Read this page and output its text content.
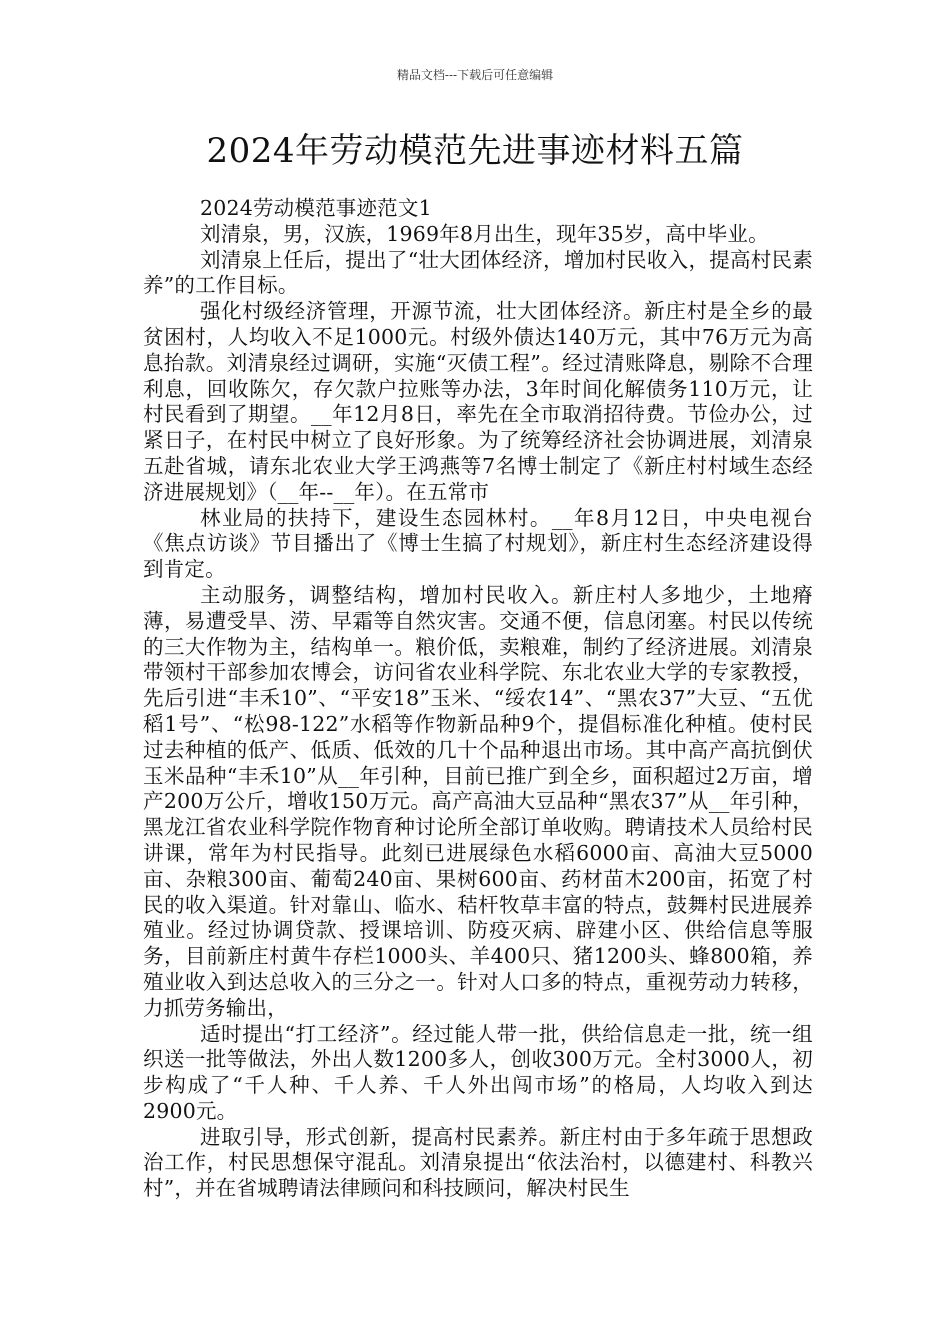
精品文档---下载后可任意编辑
2024年劳动模范先进事迹材料五篇

2024劳动模范事迹范文1

刘清泉，男，汉族，1969年8月出生，现年35岁，高中毕业。

刘清泉上任后，提出了“壮大团体经济，增加村民收入，提高村民素养”的工作目标。

强化村级经济管理，开源节流，壮大团体经济。新庄村是全乡的最贫困村，人均收入不足1000元。村级外债达140万元，其中76万元为高息抬款。刘清泉经过调研，实施“灭债工程”。经过清账降息，剔除不合理利息，回收陈欠，存欠款户拉账等办法，3年时间化解债务110万元，让村民看到了期望。__年12月8日，率先在全市取消招待费。节俭办公，过紧日子，在村民中树立了良好形象。为了统筹经济社会协调进展，刘清泉五赴省城，请东北农业大学王鸿燕等7名博士制定了《新庄村村域生态经济进展规划》（__年--__年）。在五常市

林业局的扶持下，建设生态园林村。__年8月12日，中央电视台《焦点访谈》节目播出了《博士生搞了村规划》，新庄村生态经济建设得到肯定。

主动服务，调整结构，增加村民收入。新庄村人多地少，土地瘠薄，易遭受旱、涝、早霜等自然灾害。交通不便，信息闭塞。村民以传统的三大作物为主，结构单一。粮价低，卖粮难，制约了经济进展。刘清泉带领村干部参加农博会，访问省农业科学院、东北农业大学的专家教授，先后引进“丰禾10”、“平安18”玉米、“绥农14”、“黑农37”大豆、“五优稻1号”、“松98-122”水稻等作物新品种9个，提倡标准化种植。使村民过去种植的低产、低质、低效的几十个品种退出市场。其中高产高抗倒伏玉米品种“丰禾10”从__年引种，目前已推广到全乡，面积超过2万亩，增产200万公斤，增收150万元。高产高油大豆品种“黑农37”从__年引种，黑龙江省农业科学院作物育种讨论所全部订单收购。聘请技术人员给村民讲课，常年为村民指导。此刻已进展绿色水稻6000亩、高油大豆5000亩、杂粮300亩、葡萄240亩、果树600亩、药材苗木200亩，拓宽了村民的收入渠道。针对靠山、临水、秸杆牧草丰富的特点，鼓舞村民进展养殖业。经过协调贷款、授课培训、防疫灭病、辟建小区、供给信息等服务，目前新庄村黄牛存栏1000头、羊400只、猪1200头、蜂800箱，养殖业收入到达总收入的三分之一。针对人口多的特点，重视劳动力转移，力抓劳务输出，

适时提出“打工经济”。经过能人带一批，供给信息走一批，统一组织送一批等做法，外出人数1200多人，创收300万元。全村3000人，初步构成了“千人种、千人养、千人外出闯市场”的格局，人均收入到达2900元。

进取引导，形式创新，提高村民素养。新庄村由于多年疏于思想政治工作，村民思想保守混乱。刘清泉提出“依法治村，以德建村、科教兴村”，并在省城聘请法律顾问和科技顾问，解决村民生
